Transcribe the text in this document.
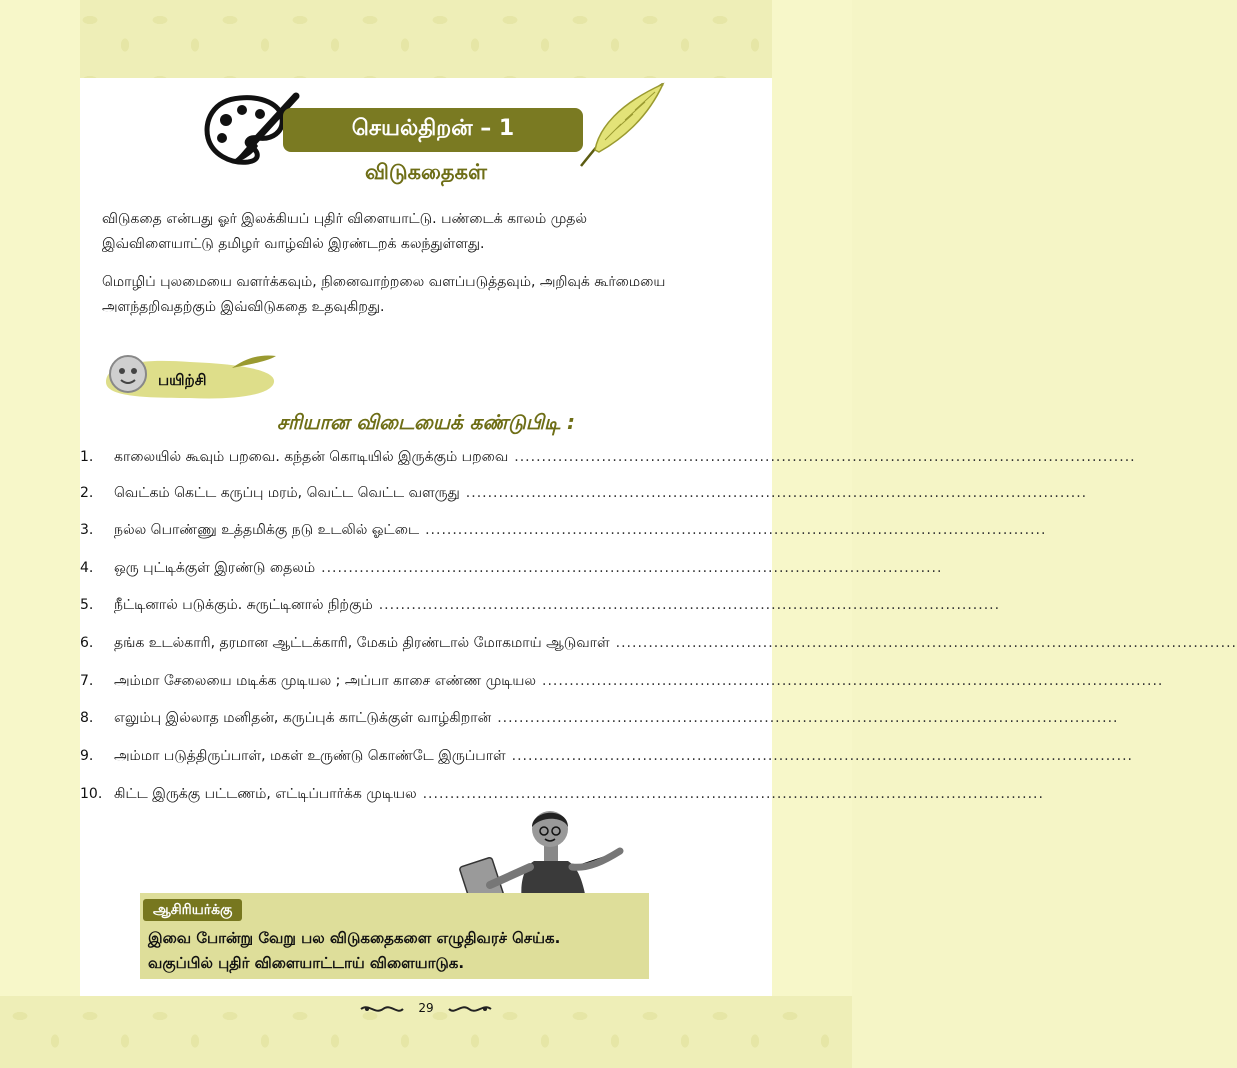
செயல்திறன் – 1
விடுகதைகள்
விடுகதை என்பது ஓர் இலக்கியப் புதிர் விளையாட்டு. பண்டைக் காலம் முதல் இவ்விளையாட்டு தமிழர் வாழ்வில் இரண்டறக் கலந்துள்ளது.
மொழிப் புலமையை வளர்க்கவும், நினைவாற்றலை வளப்படுத்தவும், அறிவுக் கூர்மையை அளந்தறிவதற்கும் இவ்விடுகதை உதவுகிறது.
பயிற்சி
சரியான விடையைக் கண்டுபிடி :
1.	காலையில் கூவும் பறவை. கந்தன் கொடியில் இருக்கும் பறவை ..................................................................................................................
2.	வெட்கம் கெட்ட கருப்பு மரம், வெட்ட வெட்ட வளருது ..................................................................................................................
3.	நல்ல பொண்ணு உத்தமிக்கு நடு உடலில் ஓட்டை ..................................................................................................................
4.	ஒரு புட்டிக்குள் இரண்டு தைலம் ..................................................................................................................
5.	நீட்டினால் படுக்கும். சுருட்டினால் நிற்கும் ..................................................................................................................
6.	தங்க உடல்காரி, தரமான ஆட்டக்காரி, மேகம் திரண்டால் மோகமாய் ஆடுவாள் ..................................................................................................................
7.	அம்மா சேலையை மடிக்க முடியல ; அப்பா காசை எண்ண முடியல ..................................................................................................................
8.	எலும்பு இல்லாத மனிதன், கருப்புக் காட்டுக்குள் வாழ்கிறான் ..................................................................................................................
9.	அம்மா படுத்திருப்பாள், மகள் உருண்டு கொண்டே இருப்பாள் ..................................................................................................................
10. கிட்ட இருக்கு பட்டணம், எட்டிப்பார்க்க முடியல ..................................................................................................................
ஆசிரியர்க்கு
இவை போன்று வேறு பல விடுகதைகளை எழுதிவரச் செய்க.
வகுப்பில் புதிர் விளையாட்டாய் விளையாடுக.
29
